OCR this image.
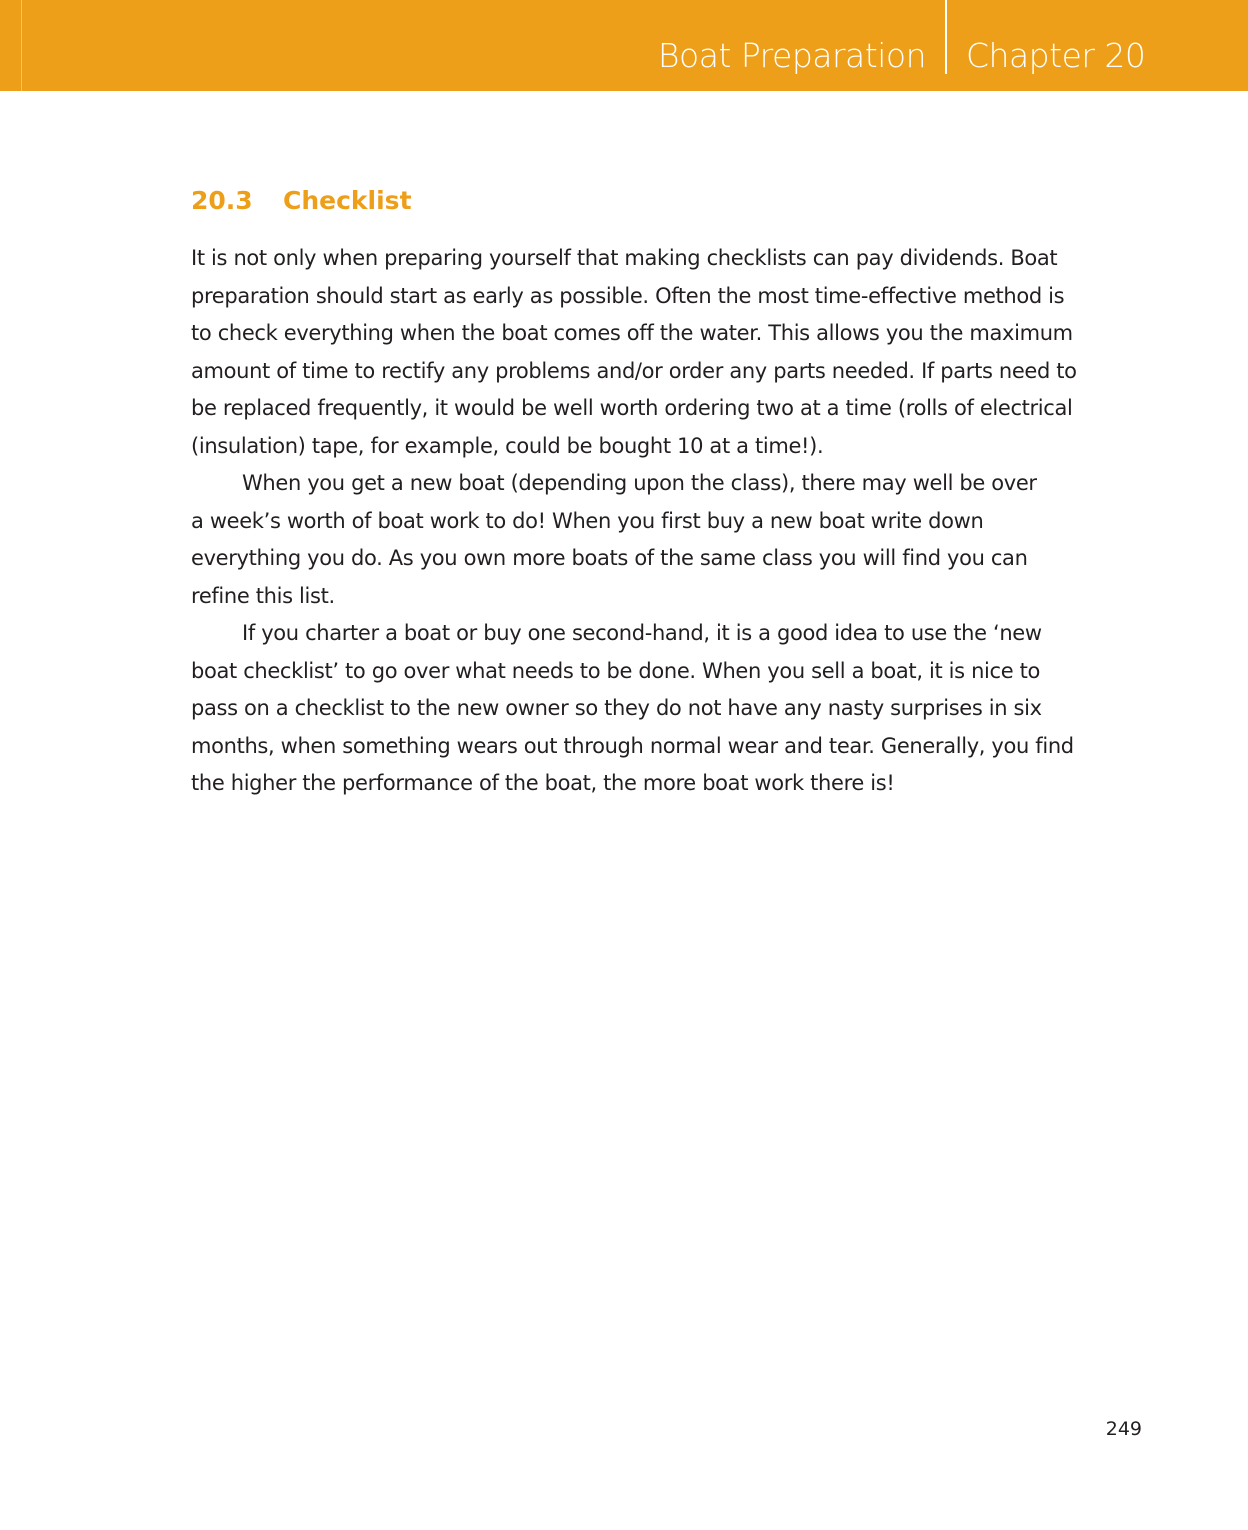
Boat Preparation Chapter 20
20.3 Checklist
It is not only when preparing yourself that making checklists can pay dividends. Boat
preparation should start as early as possible. Often the most time-effective method is
to check everything when the boat comes off the water. This allows you the maximum
amount of time to rectify any problems and/or order any parts needed. If parts need to
be replaced frequently, it would be well worth ordering two at a time (rolls of electrical
(insulation) tape, for example, could be bought 10 at a time!).
When you get a new boat (depending upon the class), there may well be over
a week’s worth of boat work to do! When you first buy a new boat write down
everything you do. As you own more boats of the same class you will find you can
refine this list.
If you charter a boat or buy one second-hand, it is a good idea to use the ‘new
boat checklist’ to go over what needs to be done. When you sell a boat, it is nice to
pass on a checklist to the new owner so they do not have any nasty surprises in six
months, when something wears out through normal wear and tear. Generally, you find
the higher the performance of the boat, the more boat work there is!
249
